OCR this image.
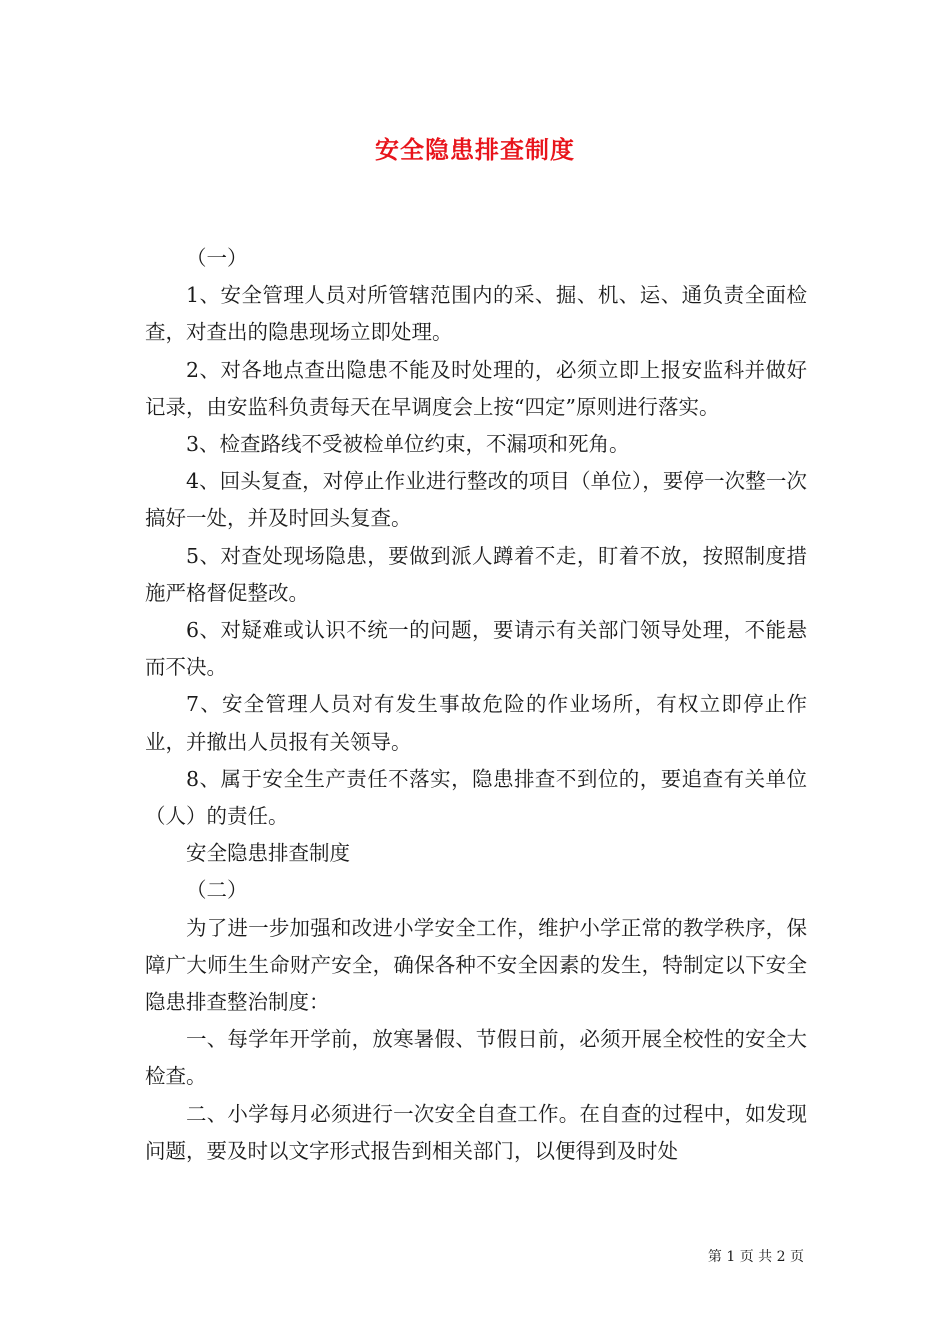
安全隐患排查制度

（一）

1、安全管理人员对所管辖范围内的采、掘、机、运、通负责全面检查，对查出的隐患现场立即处理。

2、对各地点查出隐患不能及时处理的，必须立即上报安监科并做好记录，由安监科负责每天在早调度会上按“四定”原则进行落实。

3、检查路线不受被检单位约束，不漏项和死角。

4、回头复查，对停止作业进行整改的项目（单位），要停一次整一次搞好一处，并及时回头复查。

5、对查处现场隐患，要做到派人蹲着不走，盯着不放，按照制度措施严格督促整改。

6、对疑难或认识不统一的问题，要请示有关部门领导处理，不能悬而不决。

7、安全管理人员对有发生事故危险的作业场所，有权立即停止作业，并撤出人员报有关领导。

8、属于安全生产责任不落实，隐患排查不到位的，要追查有关单位（人）的责任。

安全隐患排查制度

（二）

为了进一步加强和改进小学安全工作，维护小学正常的教学秩序，保障广大师生生命财产安全，确保各种不安全因素的发生，特制定以下安全隐患排查整治制度：

一、每学年开学前，放寒暑假、节假日前，必须开展全校性的安全大检查。

二、小学每月必须进行一次安全自查工作。在自查的过程中，如发现问题，要及时以文字形式报告到相关部门，以便得到及时处

第 1 页 共 2 页
